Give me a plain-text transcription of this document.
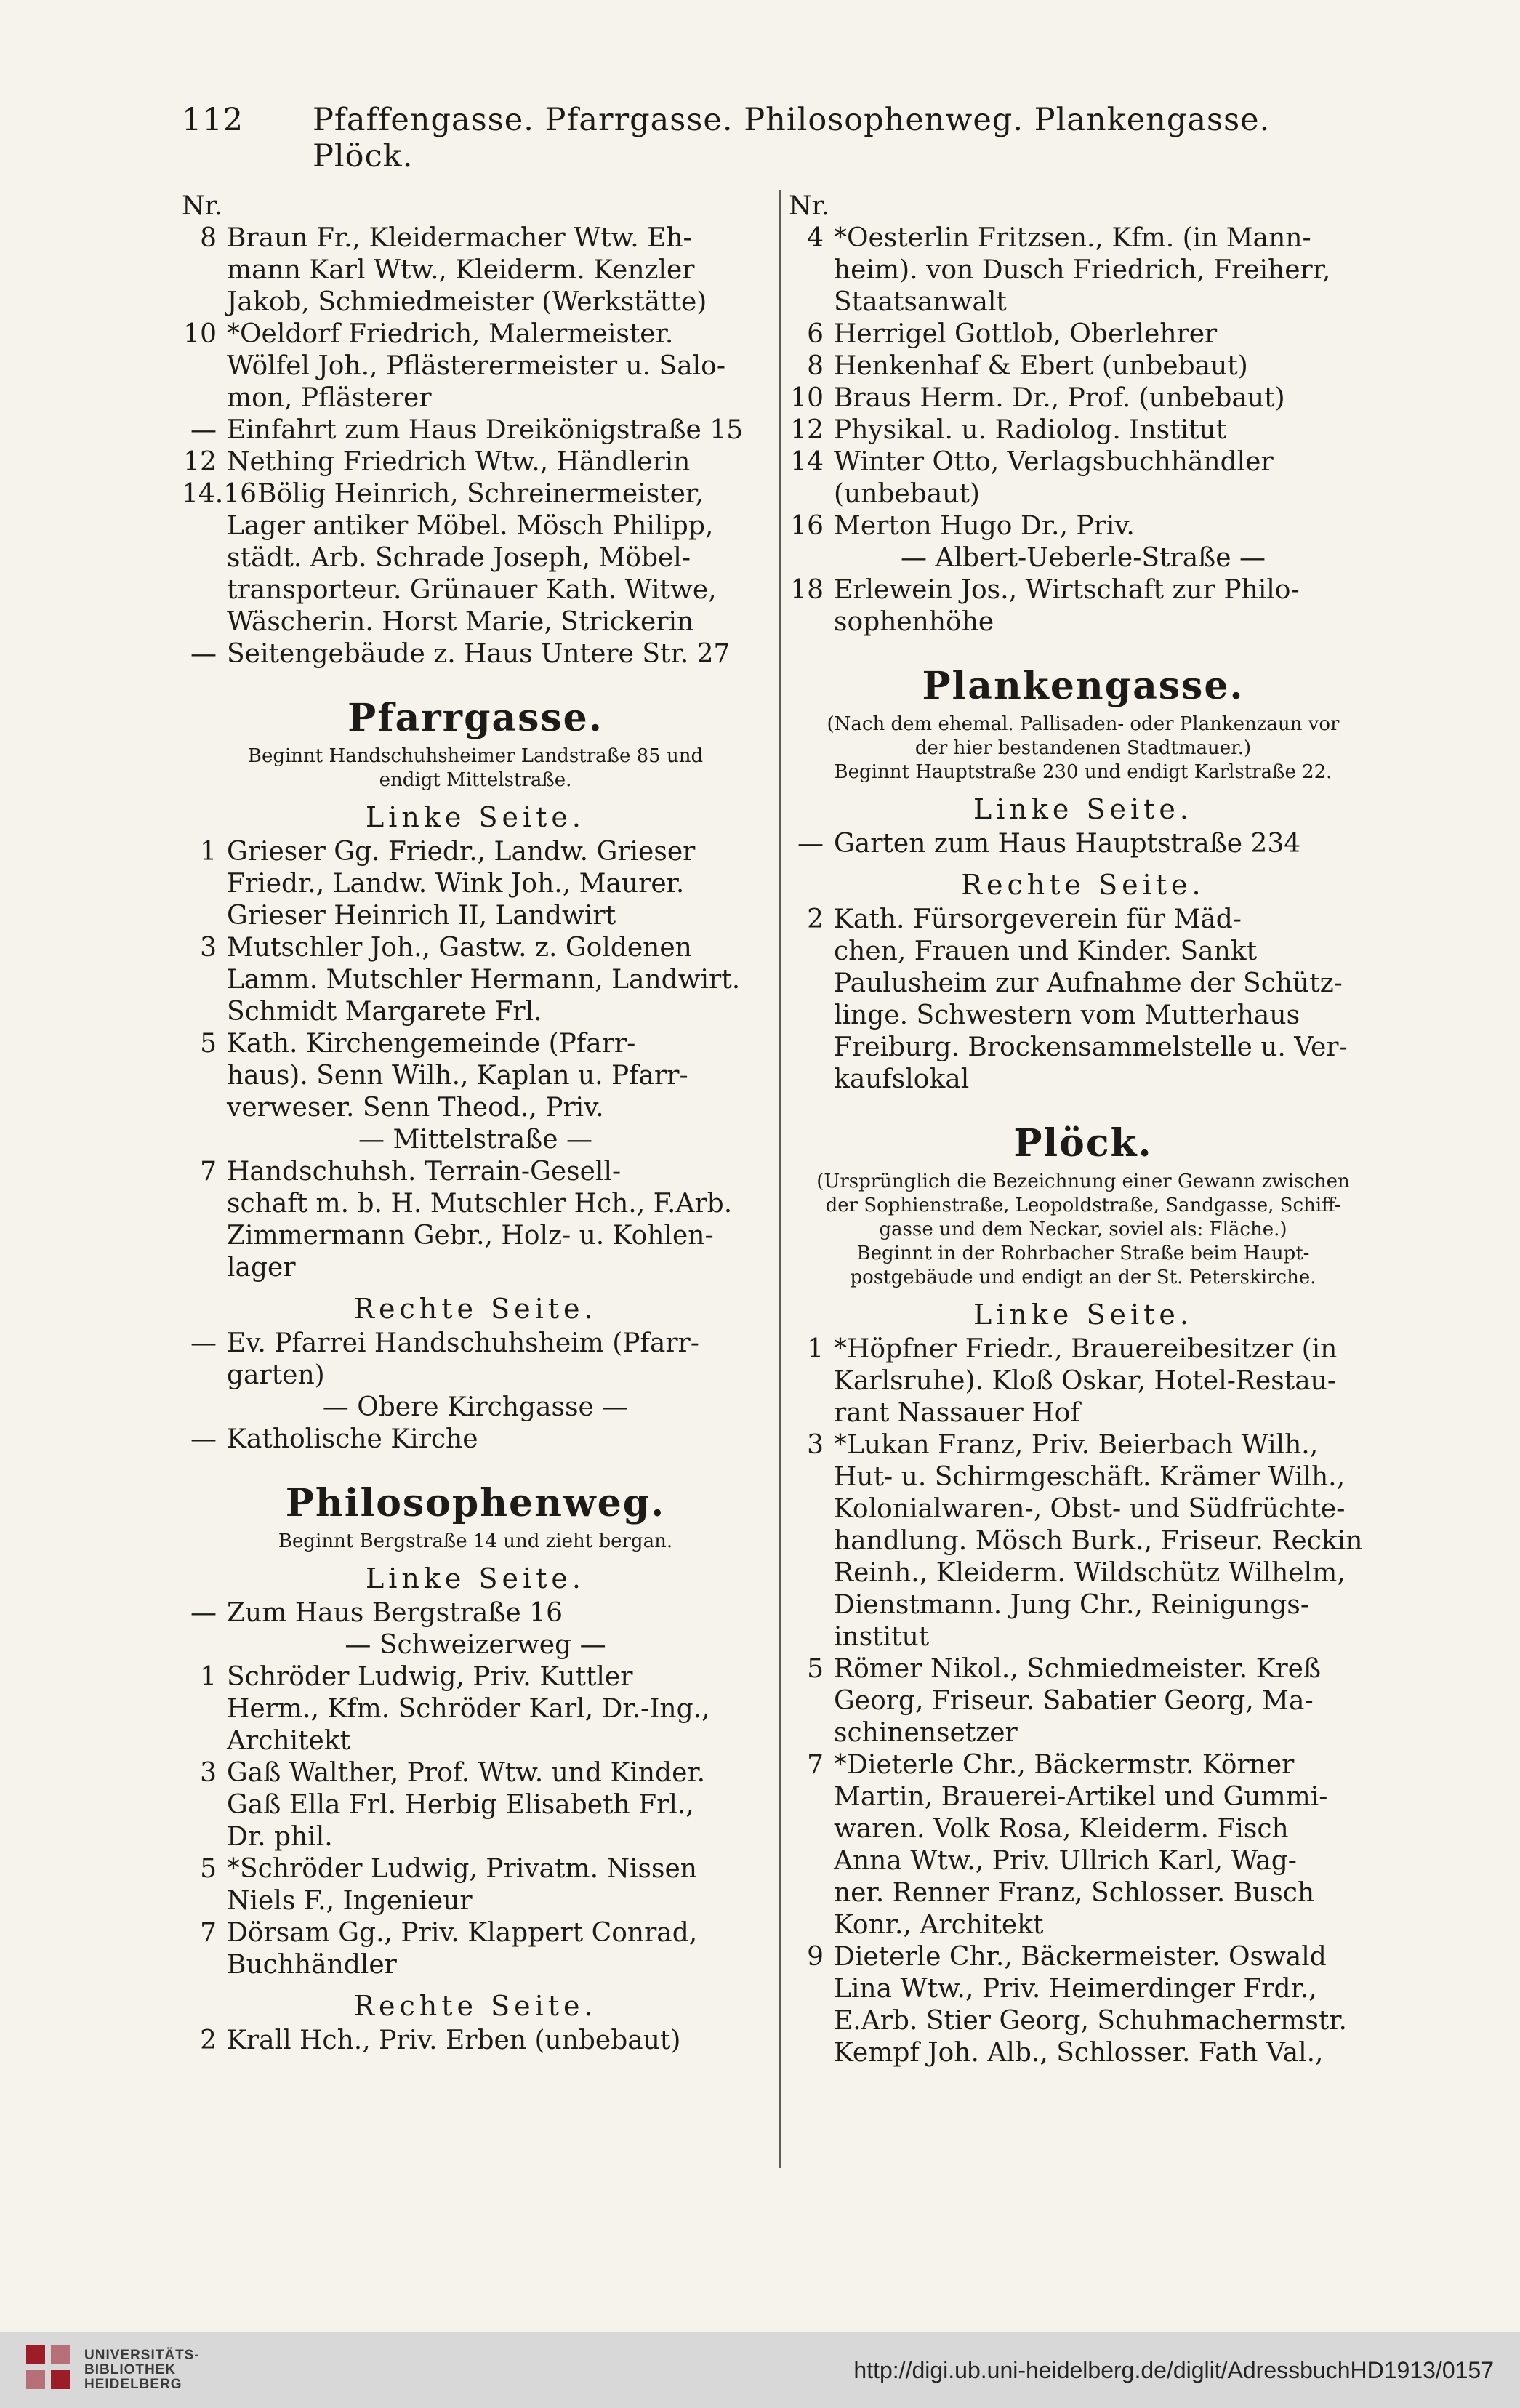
112 Pfaffengasse. Pfarrgasse. Philosophenweg. Plankengasse. Plöck.
Nr.
8 Braun Fr., Kleidermacher Wtw. Eh-
mann Karl Wtw., Kleiderm. Kenzler
Jakob, Schmiedmeister (Werkstätte)
10 *Oeldorf Friedrich, Malermeister.
Wölfel Joh., Pflästerermeister u. Salo-
mon, Pflästerer
— Einfahrt zum Haus Dreikönigstraße 15
12 Nething Friedrich Wtw., Händlerin
14.16 Bölig Heinrich, Schreinermeister,
Lager antiker Möbel. Mösch Philipp,
städt. Arb. Schrade Joseph, Möbel-
transporteur. Grünauer Kath. Witwe,
Wäscherin. Horst Marie, Strickerin
— Seitengebäude z. Haus Untere Str. 27
Pfarrgasse.
Beginnt Handschuhsheimer Landstraße 85 und
endigt Mittelstraße.
Linke Seite.
1 Grieser Gg. Friedr., Landw. Grieser
Friedr., Landw. Wink Joh., Maurer.
Grieser Heinrich II, Landwirt
3 Mutschler Joh., Gastw. z. Goldenen
Lamm. Mutschler Hermann, Landwirt.
Schmidt Margarete Frl.
5 Kath. Kirchengemeinde (Pfarr-
haus). Senn Wilh., Kaplan u. Pfarr-
verweser. Senn Theod., Priv.
— Mittelstraße —
7 Handschuhsh. Terrain-Gesell-
schaft m. b. H. Mutschler Hch., F.Arb.
Zimmermann Gebr., Holz- u. Kohlen-
lager
Rechte Seite.
— Ev. Pfarrei Handschuhsheim (Pfarr-
garten)
— Obere Kirchgasse —
— Katholische Kirche
Philosophenweg.
Beginnt Bergstraße 14 und zieht bergan.
Linke Seite.
— Zum Haus Bergstraße 16
— Schweizerweg —
1 Schröder Ludwig, Priv. Kuttler
Herm., Kfm. Schröder Karl, Dr.-Ing.,
Architekt
3 Gaß Walther, Prof. Wtw. und Kinder.
Gaß Ella Frl. Herbig Elisabeth Frl.,
Dr. phil.
5 *Schröder Ludwig, Privatm. Nissen
Niels F., Ingenieur
7 Dörsam Gg., Priv. Klappert Conrad,
Buchhändler
Rechte Seite.
2 Krall Hch., Priv. Erben (unbebaut)
Nr.
4 *Oesterlin Fritzsen., Kfm. (in Mann-
heim). von Dusch Friedrich, Freiherr,
Staatsanwalt
6 Herrigel Gottlob, Oberlehrer
8 Henkenhaf & Ebert (unbebaut)
10 Braus Herm. Dr., Prof. (unbebaut)
12 Physikal. u. Radiolog. Institut
14 Winter Otto, Verlagsbuchhändler
(unbebaut)
16 Merton Hugo Dr., Priv.
— Albert-Ueberle-Straße —
18 Erlewein Jos., Wirtschaft zur Philo-
sophenhöhe
Plankengasse.
(Nach dem ehemal. Pallisaden- oder Plankenzaun vor
der hier bestandenen Stadtmauer.)
Beginnt Hauptstraße 230 und endigt Karlstraße 22.
Linke Seite.
— Garten zum Haus Hauptstraße 234
Rechte Seite.
2 Kath. Fürsorgeverein für Mäd-
chen, Frauen und Kinder. Sankt
Paulusheim zur Aufnahme der Schütz-
linge. Schwestern vom Mutterhaus
Freiburg. Brockensammelstelle u. Ver-
kaufslokal
Plöck.
(Ursprünglich die Bezeichnung einer Gewann zwischen
der Sophienstraße, Leopoldstraße, Sandgasse, Schiff-
gasse und dem Neckar, soviel als: Fläche.)
Beginnt in der Rohrbacher Straße beim Haupt-
postgebäude und endigt an der St. Peterskirche.
Linke Seite.
1 *Höpfner Friedr., Brauereibesitzer (in
Karlsruhe). Kloß Oskar, Hotel-Restau-
rant Nassauer Hof
3 *Lukan Franz, Priv. Beierbach Wilh.,
Hut- u. Schirmgeschäft. Krämer Wilh.,
Kolonialwaren-, Obst- und Südfrüchte-
handlung. Mösch Burk., Friseur. Reckin
Reinh., Kleiderm. Wildschütz Wilhelm,
Dienstmann. Jung Chr., Reinigungs-
institut
5 Römer Nikol., Schmiedmeister. Kreß
Georg, Friseur. Sabatier Georg, Ma-
schinensetzer
7 *Dieterle Chr., Bäckermstr. Körner
Martin, Brauerei-Artikel und Gummi-
waren. Volk Rosa, Kleiderm. Fisch
Anna Wtw., Priv. Ullrich Karl, Wag-
ner. Renner Franz, Schlosser. Busch
Konr., Architekt
9 Dieterle Chr., Bäckermeister. Oswald
Lina Wtw., Priv. Heimerdinger Frdr.,
E.Arb. Stier Georg, Schuhmachermstr.
Kempf Joh. Alb., Schlosser. Fath Val.,
UNIVERSITÄTS-
BIBLIOTHEK
HEIDELBERG
http://digi.ub.uni-heidelberg.de/diglit/AdressbuchHD1913/0157
